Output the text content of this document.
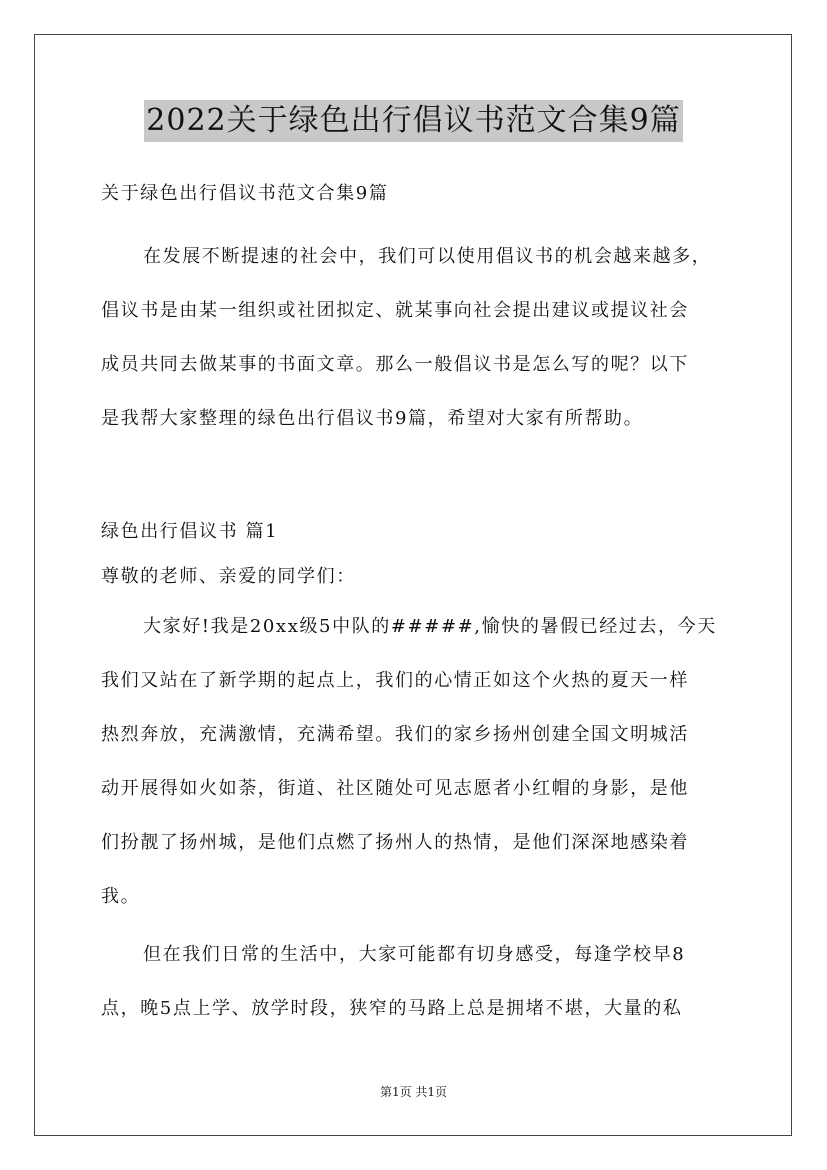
2022关于绿色出行倡议书范文合集9篇
关于绿色出行倡议书范文合集9篇
在发展不断提速的社会中，我们可以使用倡议书的机会越来越多，
倡议书是由某一组织或社团拟定、就某事向社会提出建议或提议社会
成员共同去做某事的书面文章。那么一般倡议书是怎么写的呢？以下
是我帮大家整理的绿色出行倡议书9篇，希望对大家有所帮助。
绿色出行倡议书 篇1
尊敬的老师、亲爱的同学们：
大家好!我是20xx级5中队的#####,愉快的暑假已经过去，今天
我们又站在了新学期的起点上，我们的心情正如这个火热的夏天一样
热烈奔放，充满激情，充满希望。我们的家乡扬州创建全国文明城活
动开展得如火如荼，街道、社区随处可见志愿者小红帽的身影，是他
们扮靓了扬州城，是他们点燃了扬州人的热情，是他们深深地感染着
我。
但在我们日常的生活中，大家可能都有切身感受，每逢学校早8
点，晚5点上学、放学时段，狭窄的马路上总是拥堵不堪，大量的私
第1页 共1页
